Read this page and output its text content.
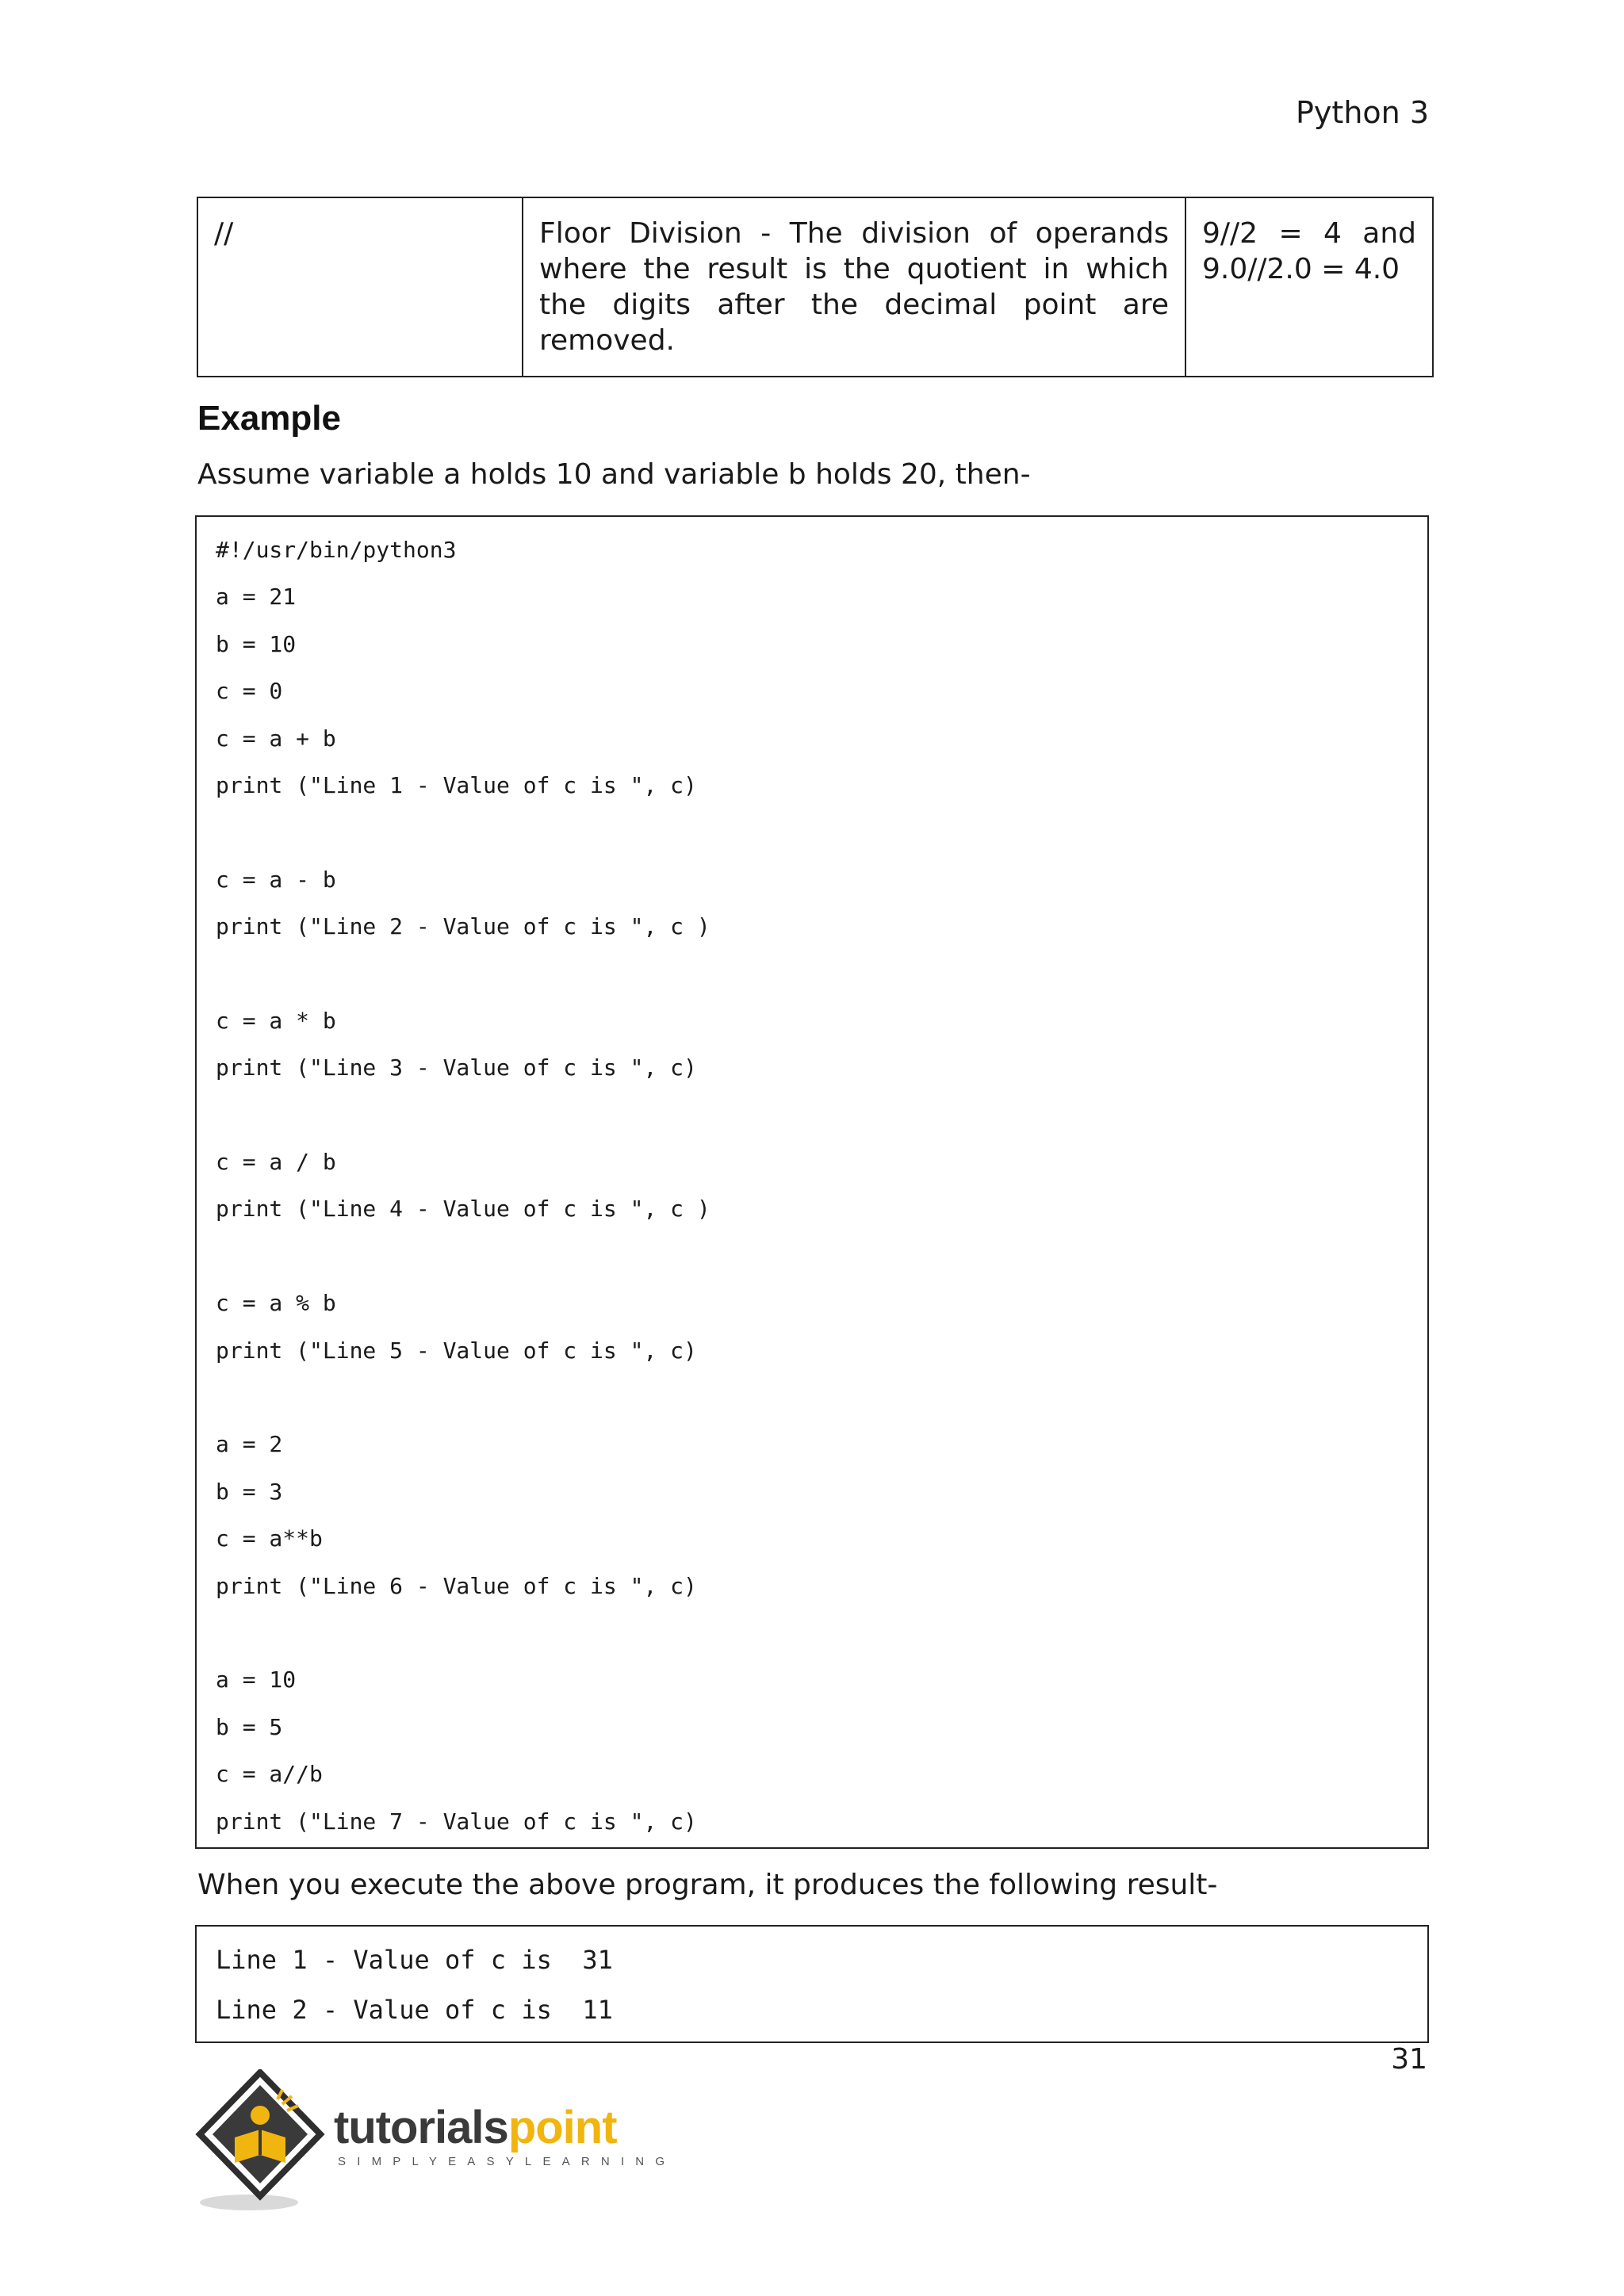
Python 3
//	Floor Division - The division of operands where the result is the quotient in which the digits after the decimal point are removed.	9//2 = 4 and 9.0//2.0 = 4.0
Example
Assume variable a holds 10 and variable b holds 20, then-
#!/usr/bin/python3
a = 21
b = 10
c = 0
c = a + b
print ("Line 1 - Value of c is ", c)
c = a - b
print ("Line 2 - Value of c is ", c )
c = a * b
print ("Line 3 - Value of c is ", c)
c = a / b
print ("Line 4 - Value of c is ", c )
c = a % b
print ("Line 5 - Value of c is ", c)
a = 2
b = 3
c = a**b
print ("Line 6 - Value of c is ", c)
a = 10
b = 5
c = a//b
print ("Line 7 - Value of c is ", c)
When you execute the above program, it produces the following result-
Line 1 - Value of c is  31
Line 2 - Value of c is  11
31
tutorialspoint
SIMPLYEASYLEARNING
